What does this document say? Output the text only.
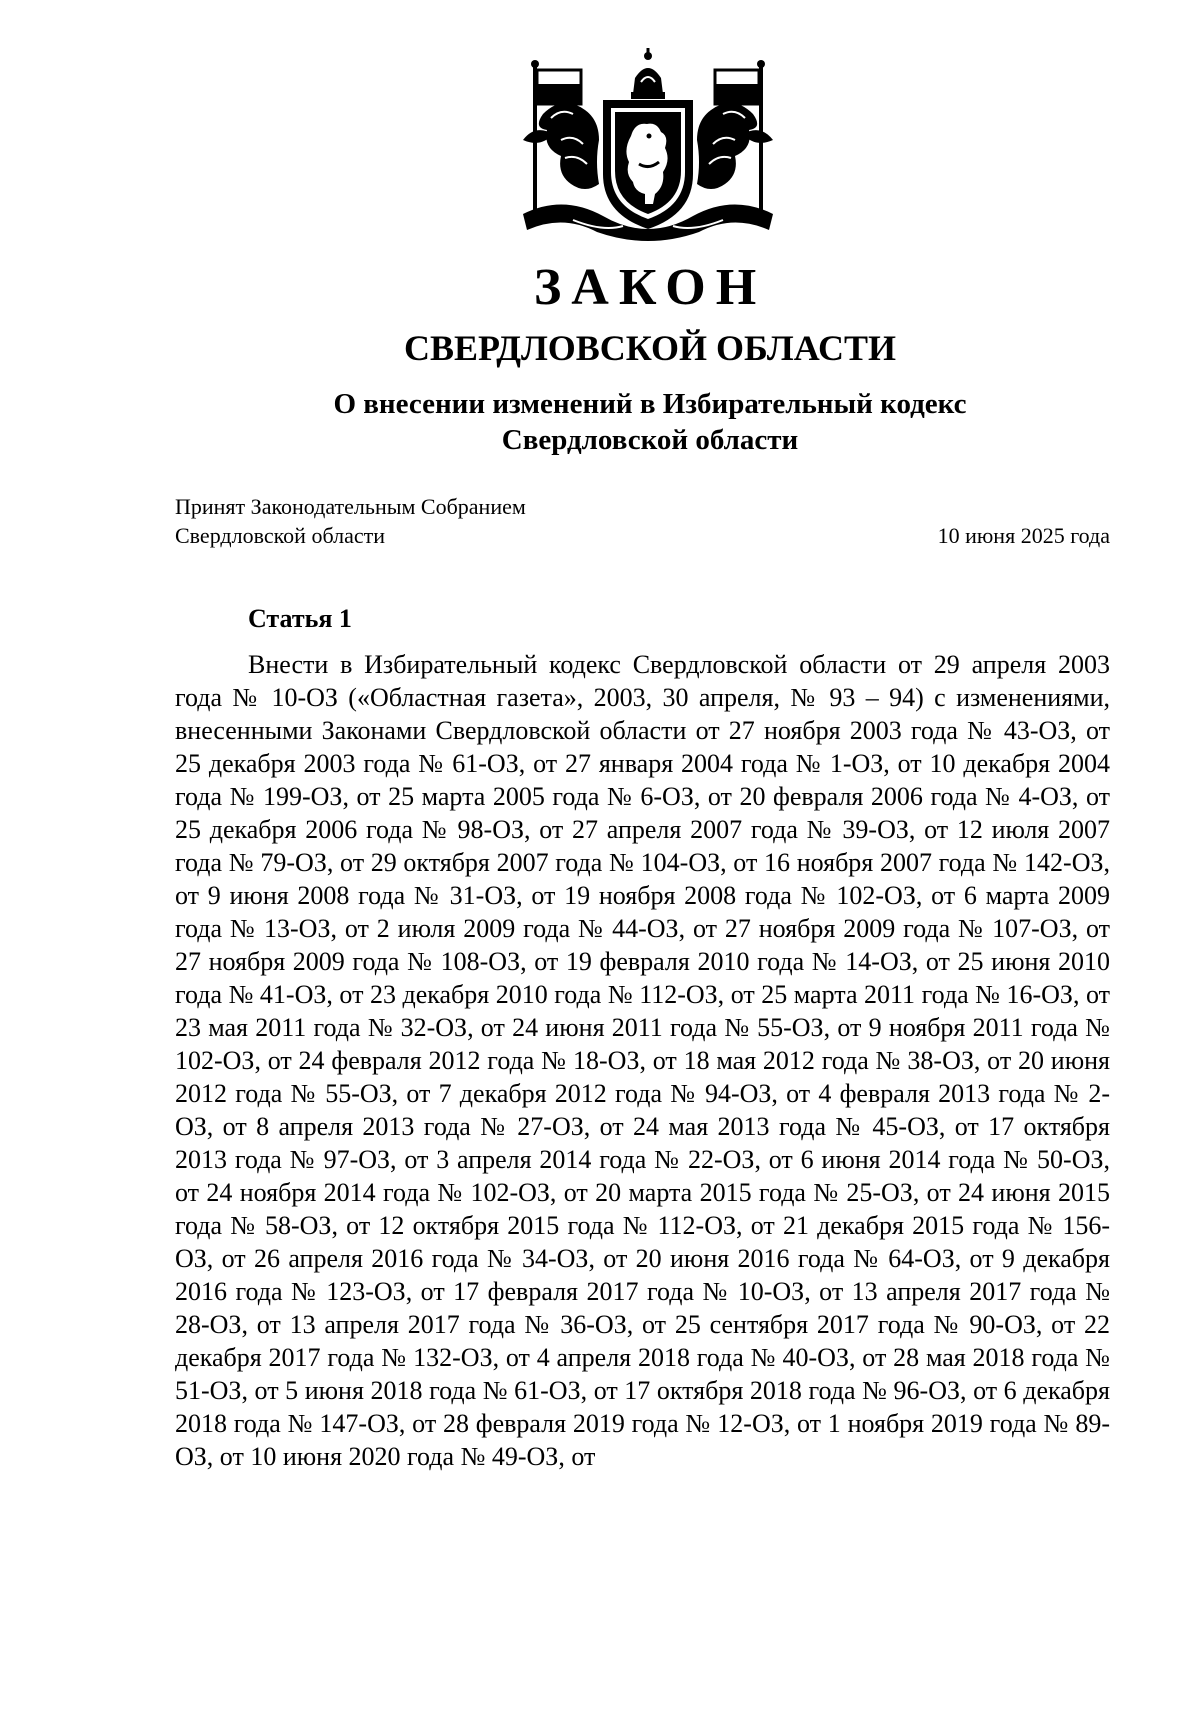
ЗАКОН
СВЕРДЛОВСКОЙ ОБЛАСТИ
О внесении изменений в Избирательный кодекс Свердловской области
Принят Законодательным Собранием
Свердловской области	10 июня 2025 года
Статья 1

Внести в Избирательный кодекс Свердловской области от 29 апреля 2003 года № 10-ОЗ («Областная газета», 2003, 30 апреля, № 93 – 94) с изменениями, внесенными Законами Свердловской области от 27 ноября 2003 года № 43-ОЗ, от 25 декабря 2003 года № 61-ОЗ, от 27 января 2004 года № 1-ОЗ, от 10 декабря 2004 года № 199-ОЗ, от 25 марта 2005 года № 6-ОЗ, от 20 февраля 2006 года № 4-ОЗ, от 25 декабря 2006 года № 98-ОЗ, от 27 апреля 2007 года № 39-ОЗ, от 12 июля 2007 года № 79-ОЗ, от 29 октября 2007 года № 104-ОЗ, от 16 ноября 2007 года № 142-ОЗ, от 9 июня 2008 года № 31-ОЗ, от 19 ноября 2008 года № 102-ОЗ, от 6 марта 2009 года № 13-ОЗ, от 2 июля 2009 года № 44-ОЗ, от 27 ноября 2009 года № 107-ОЗ, от 27 ноября 2009 года № 108-ОЗ, от 19 февраля 2010 года № 14-ОЗ, от 25 июня 2010 года № 41-ОЗ, от 23 декабря 2010 года № 112-ОЗ, от 25 марта 2011 года № 16-ОЗ, от 23 мая 2011 года № 32-ОЗ, от 24 июня 2011 года № 55-ОЗ, от 9 ноября 2011 года № 102-ОЗ, от 24 февраля 2012 года № 18-ОЗ, от 18 мая 2012 года № 38-ОЗ, от 20 июня 2012 года № 55-ОЗ, от 7 декабря 2012 года № 94-ОЗ, от 4 февраля 2013 года № 2-ОЗ, от 8 апреля 2013 года № 27-ОЗ, от 24 мая 2013 года № 45-ОЗ, от 17 октября 2013 года № 97-ОЗ, от 3 апреля 2014 года № 22-ОЗ, от 6 июня 2014 года № 50-ОЗ, от 24 ноября 2014 года № 102-ОЗ, от 20 марта 2015 года № 25-ОЗ, от 24 июня 2015 года № 58-ОЗ, от 12 октября 2015 года № 112-ОЗ, от 21 декабря 2015 года № 156-ОЗ, от 26 апреля 2016 года № 34-ОЗ, от 20 июня 2016 года № 64-ОЗ, от 9 декабря 2016 года № 123-ОЗ, от 17 февраля 2017 года № 10-ОЗ, от 13 апреля 2017 года № 28-ОЗ, от 13 апреля 2017 года № 36-ОЗ, от 25 сентября 2017 года № 90-ОЗ, от 22 декабря 2017 года № 132-ОЗ, от 4 апреля 2018 года № 40-ОЗ, от 28 мая 2018 года № 51-ОЗ, от 5 июня 2018 года № 61-ОЗ, от 17 октября 2018 года № 96-ОЗ, от 6 декабря 2018 года № 147-ОЗ, от 28 февраля 2019 года № 12-ОЗ, от 1 ноября 2019 года № 89-ОЗ, от 10 июня 2020 года № 49-ОЗ, от
